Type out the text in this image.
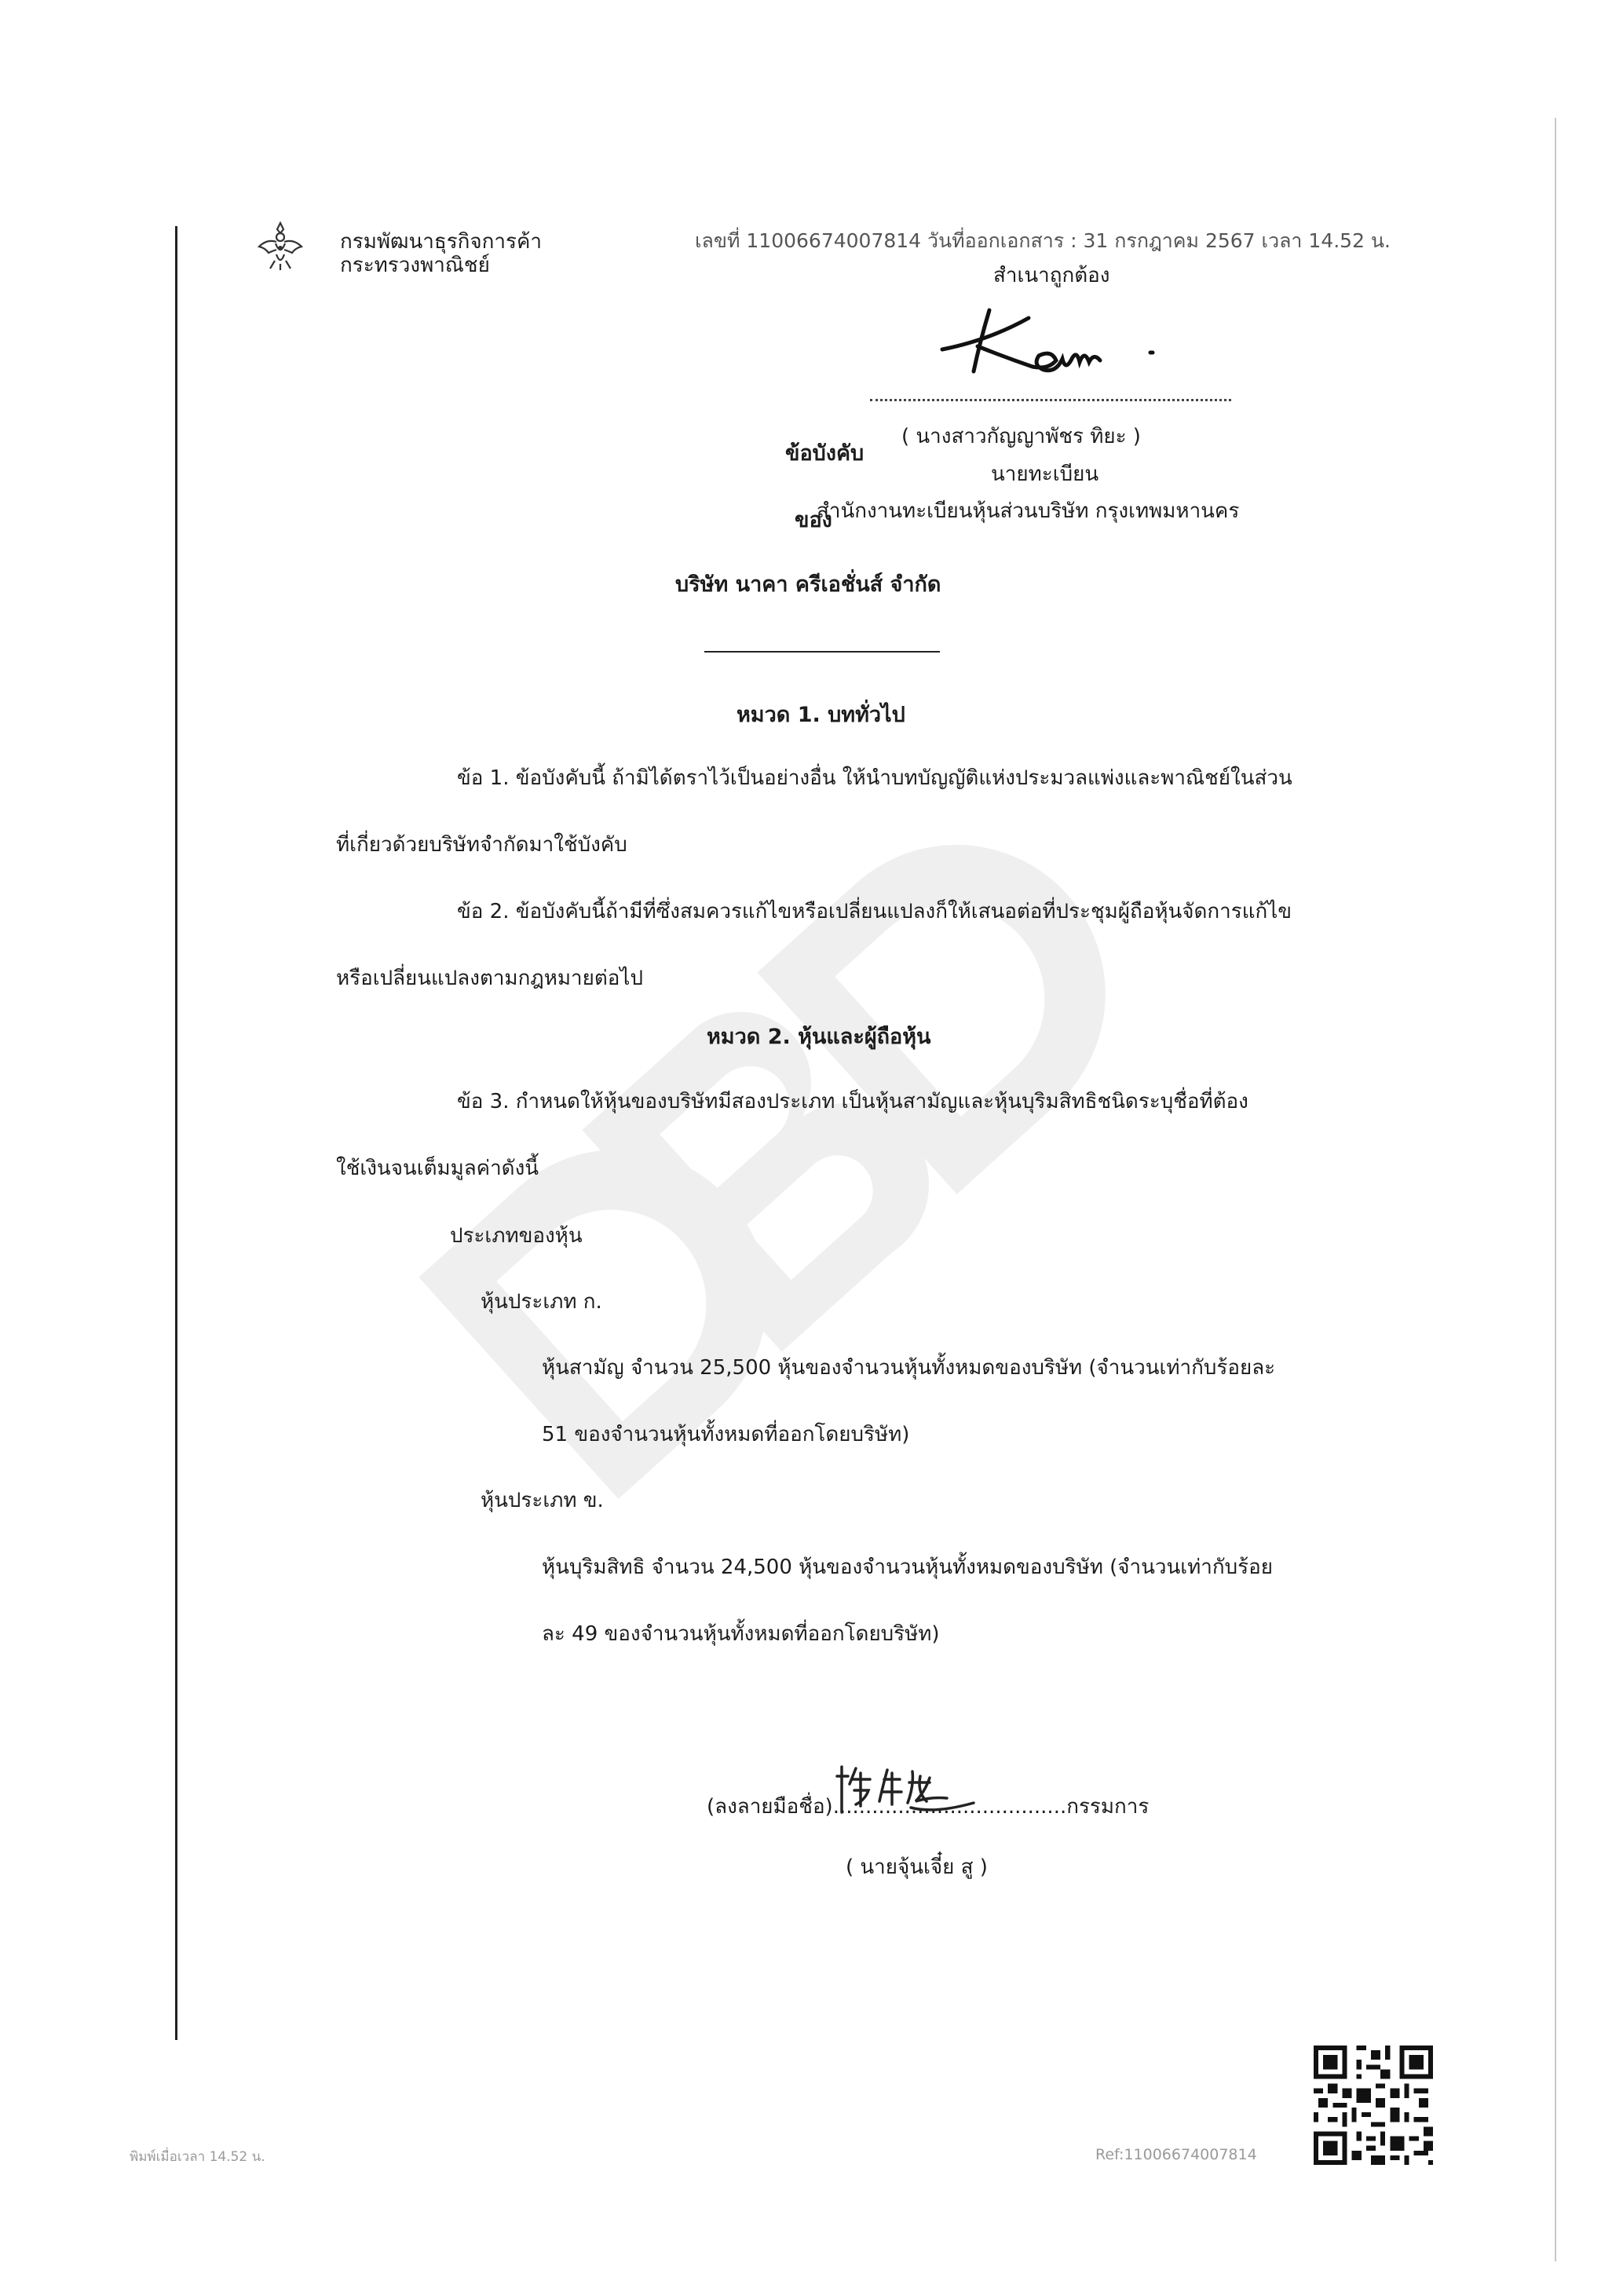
กรมพัฒนาธุรกิจการค้า
กระทรวงพาณิชย์
เลขที่ 11006674007814 วันที่ออกเอกสาร : 31 กรกฎาคม 2567 เวลา 14.52 น.
สำเนาถูกต้อง
( นางสาวกัญญาพัชร ทิยะ )
ข้อบังคับ
นายทะเบียน
ของ
สำนักงานทะเบียนหุ้นส่วนบริษัท กรุงเทพมหานคร
บริษัท นาคา ครีเอชั่นส์ จำกัด
หมวด 1. บททั่วไป
ข้อ 1. ข้อบังคับนี้ ถ้ามิได้ตราไว้เป็นอย่างอื่น ให้นำบทบัญญัติแห่งประมวลแพ่งและพาณิชย์ในส่วน
ที่เกี่ยวด้วยบริษัทจำกัดมาใช้บังคับ
ข้อ 2. ข้อบังคับนี้ถ้ามีที่ซึ่งสมควรแก้ไขหรือเปลี่ยนแปลงก็ให้เสนอต่อที่ประชุมผู้ถือหุ้นจัดการแก้ไข
หรือเปลี่ยนแปลงตามกฎหมายต่อไป
หมวด 2. หุ้นและผู้ถือหุ้น
ข้อ 3. กำหนดให้หุ้นของบริษัทมีสองประเภท เป็นหุ้นสามัญและหุ้นบุริมสิทธิชนิดระบุชื่อที่ต้อง
ใช้เงินจนเต็มมูลค่าดังนี้
ประเภทของหุ้น
หุ้นประเภท ก.
หุ้นสามัญ จำนวน 25,500 หุ้นของจำนวนหุ้นทั้งหมดของบริษัท (จำนวนเท่ากับร้อยละ
51 ของจำนวนหุ้นทั้งหมดที่ออกโดยบริษัท)
หุ้นประเภท ข.
หุ้นบุริมสิทธิ จำนวน 24,500 หุ้นของจำนวนหุ้นทั้งหมดของบริษัท (จำนวนเท่ากับร้อย
ละ 49 ของจำนวนหุ้นทั้งหมดที่ออกโดยบริษัท)
(ลงลายมือชื่อ)....................................กรรมการ
( นายจุ้นเจี๋ย สู )
พิมพ์เมื่อเวลา 14.52 น.	Ref:11006674007814
